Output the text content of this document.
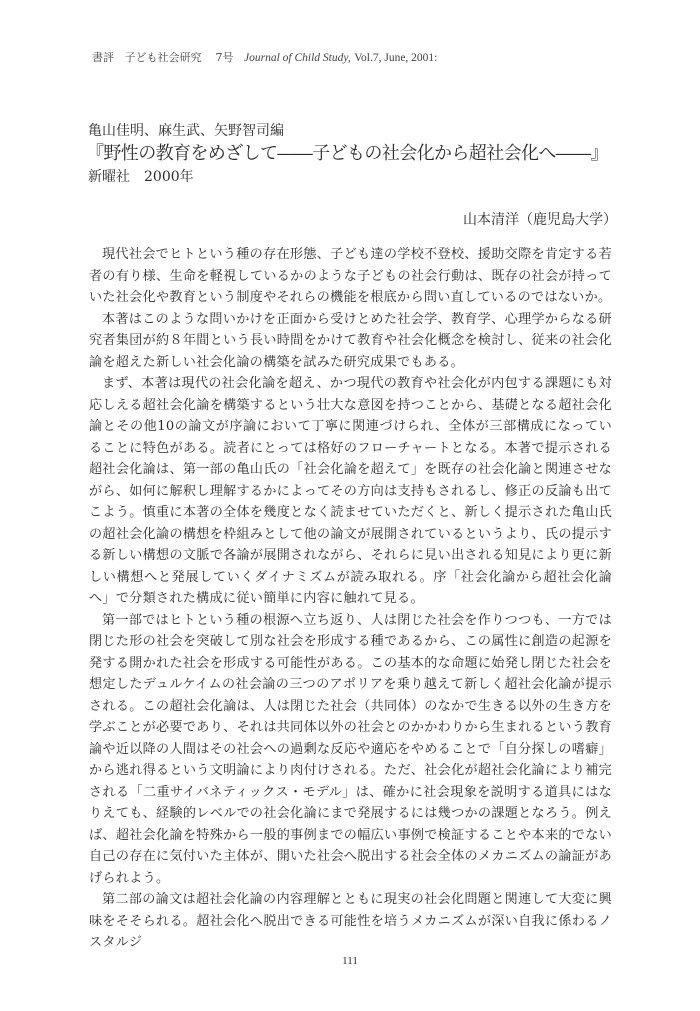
書評 子ども社会研究 7号 Journal of Child Study, Vol.7, June, 2001:
亀山佳明、麻生武、矢野智司編
『野性の教育をめざして――子どもの社会化から超社会化へ――』
新曜社　2000年
山本清洋（鹿児島大学）

現代社会でヒトという種の存在形態、子ども達の学校不登校、援助交際を肯定する若者の有り様、生命を軽視しているかのような子どもの社会行動は、既存の社会が持っていた社会化や教育という制度やそれらの機能を根底から問い直しているのではないか。

本著はこのような問いかけを正面から受けとめた社会学、教育学、心理学からなる研究者集団が約８年間という長い時間をかけて教育や社会化概念を検討し、従来の社会化論を超えた新しい社会化論の構築を試みた研究成果でもある。

まず、本著は現代の社会化論を超え、かつ現代の教育や社会化が内包する課題にも対応しえる超社会化論を構築するという壮大な意図を持つことから、基礎となる超社会化論とその他10の論文が序論において丁寧に関連づけられ、全体が三部構成になっていることに特色がある。読者にとっては格好のフローチャートとなる。本著で提示される超社会化論は、第一部の亀山氏の「社会化論を超えて」を既存の社会化論と関連させながら、如何に解釈し理解するかによってその方向は支持もされるし、修正の反論も出てこよう。慎重に本著の全体を幾度となく読ませていただくと、新しく提示された亀山氏の超社会化論の構想を枠組みとして他の論文が展開されているというより、氏の提示する新しい構想の文脈で各論が展開されながら、それらに見い出される知見により更に新しい構想へと発展していくダイナミズムが読み取れる。序「社会化論から超社会化論へ」で分類された構成に従い簡単に内容に触れて見る。

第一部ではヒトという種の根源へ立ち返り、人は閉じた社会を作りつつも、一方では閉じた形の社会を突破して別な社会を形成する種であるから、この属性に創造の起源を発する開かれた社会を形成する可能性がある。この基本的な命題に始発し閉じた社会を想定したデュルケイムの社会論の三つのアポリアを乗り越えて新しく超社会化論が提示される。この超社会化論は、人は閉じた社会（共同体）のなかで生きる以外の生き方を学ぶことが必要であり、それは共同体以外の社会とのかかわりから生まれるという教育論や近以降の人間はその社会への過剰な反応や適応をやめることで「自分探しの嗜癖」から逃れ得るという文明論により肉付けされる。ただ、社会化が超社会化論により補完される「二重サイバネティックス・モデル」は、確かに社会現象を説明する道具にはなりえても、経験的レベルでの社会化論にまで発展するには幾つかの課題となろう。例えば、超社会化論を特殊から一般的事例までの幅広い事例で検証することや本来的でない自己の存在に気付いた主体が、開いた社会へ脱出する社会全体のメカニズムの論証があげられよう。

第二部の論文は超社会化論の内容理解とともに現実の社会化問題と関連して大変に興味をそそられる。超社会化へ脱出できる可能性を培うメカニズムが深い自我に係わるノスタルジ

111
